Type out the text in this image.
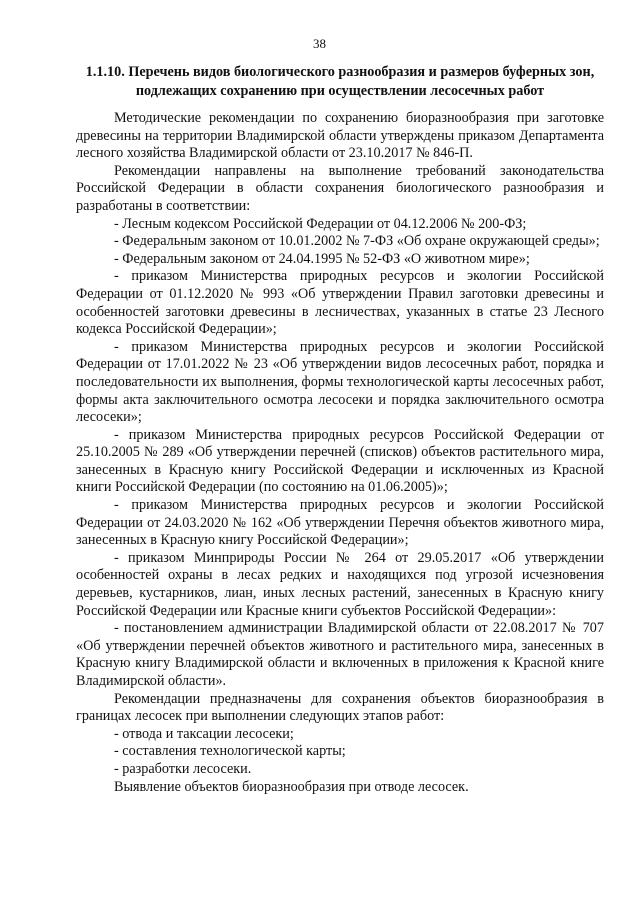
38
1.1.10. Перечень видов биологического разнообразия и размеров буферных зон, подлежащих сохранению при осуществлении лесосечных работ

Методические рекомендации по сохранению биоразнообразия при заготовке древесины на территории Владимирской области утверждены приказом Департамента лесного хозяйства Владимирской области от 23.10.2017 № 846-П.

Рекомендации направлены на выполнение требований законодательства Российской Федерации в области сохранения биологического разнообразия и разработаны в соответствии:

- Лесным кодексом Российской Федерации от 04.12.2006 № 200-ФЗ;

- Федеральным законом от 10.01.2002 № 7-ФЗ «Об охране окружающей среды»;

- Федеральным законом от 24.04.1995 № 52-ФЗ «О животном мире»;

- приказом Министерства природных ресурсов и экологии Российской Федерации от 01.12.2020 № 993 «Об утверждении Правил заготовки древесины и особенностей заготовки древесины в лесничествах, указанных в статье 23 Лесного кодекса Российской Федерации»;

- приказом Министерства природных ресурсов и экологии Российской Федерации от 17.01.2022 № 23 «Об утверждении видов лесосечных работ, порядка и последовательности их выполнения, формы технологической карты лесосечных работ, формы акта заключительного осмотра лесосеки и порядка заключительного осмотра лесосеки»;

- приказом Министерства природных ресурсов Российской Федерации от 25.10.2005 № 289 «Об утверждении перечней (списков) объектов растительного мира, занесенных в Красную книгу Российской Федерации и исключенных из Красной книги Российской Федерации (по состоянию на 01.06.2005)»;

- приказом Министерства природных ресурсов и экологии Российской Федерации от 24.03.2020 № 162 «Об утверждении Перечня объектов животного мира, занесенных в Красную книгу Российской Федерации»;

- приказом Минприроды России № 264 от 29.05.2017 «Об утверждении особенностей охраны в лесах редких и находящихся под угрозой исчезновения деревьев, кустарников, лиан, иных лесных растений, занесенных в Красную книгу Российской Федерации или Красные книги субъектов Российской Федерации»:

- постановлением администрации Владимирской области от 22.08.2017 № 707 «Об утверждении перечней объектов животного и растительного мира, занесенных в Красную книгу Владимирской области и включенных в приложения к Красной книге Владимирской области».

Рекомендации предназначены для сохранения объектов биоразнообразия в границах лесосек при выполнении следующих этапов работ:

- отвода и таксации лесосеки;

- составления технологической карты;

- разработки лесосеки.

Выявление объектов биоразнообразия при отводе лесосек.
